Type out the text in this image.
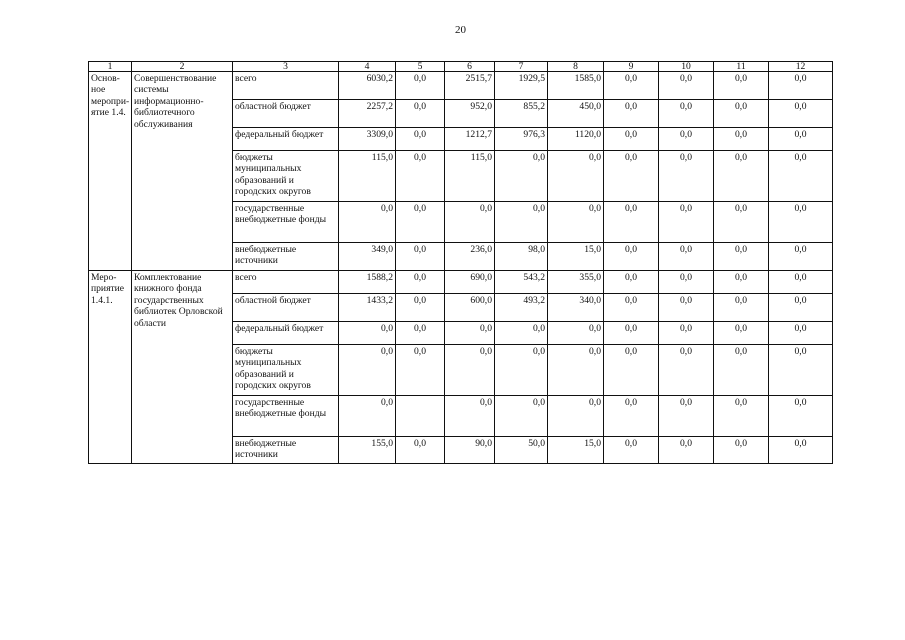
20
1	2	3	4	5	6	7	8	9	10	11	12
Основ-ное меропри-ятие 1.4.	Совершенствование системы информационно-библиотечного обслуживания	всего	6030,2	0,0	2515,7	1929,5	1585,0	0,0	0,0	0,0	0,0
		областной бюджет	2257,2	0,0	952,0	855,2	450,0	0,0	0,0	0,0	0,0
		федеральный бюджет	3309,0	0,0	1212,7	976,3	1120,0	0,0	0,0	0,0	0,0
		бюджеты муниципальных образований и городских округов	115,0	0,0	115,0	0,0	0,0	0,0	0,0	0,0	0,0
		государственные внебюджетные фонды	0,0	0,0	0,0	0,0	0,0	0,0	0,0	0,0	0,0
		внебюджетные источники	349,0	0,0	236,0	98,0	15,0	0,0	0,0	0,0	0,0
Меро-приятие 1.4.1.	Комплектование книжного фонда государственных библиотек Орловской области	всего	1588,2	0,0	690,0	543,2	355,0	0,0	0,0	0,0	0,0
		областной бюджет	1433,2	0,0	600,0	493,2	340,0	0,0	0,0	0,0	0,0
		федеральный бюджет	0,0	0,0	0,0	0,0	0,0	0,0	0,0	0,0	0,0
		бюджеты муниципальных образований и городских округов	0,0	0,0	0,0	0,0	0,0	0,0	0,0	0,0	0,0
		государственные внебюджетные фонды	0,0		0,0	0,0	0,0	0,0	0,0	0,0	0,0
		внебюджетные источники	155,0	0,0	90,0	50,0	15,0	0,0	0,0	0,0	0,0
